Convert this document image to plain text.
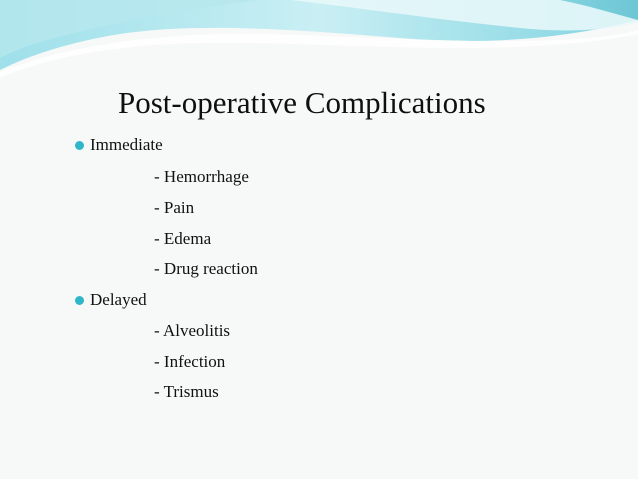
Post-operative Complications
Immediate
- Hemorrhage
- Pain
- Edema
- Drug reaction
Delayed
- Alveolitis
- Infection
- Trismus
